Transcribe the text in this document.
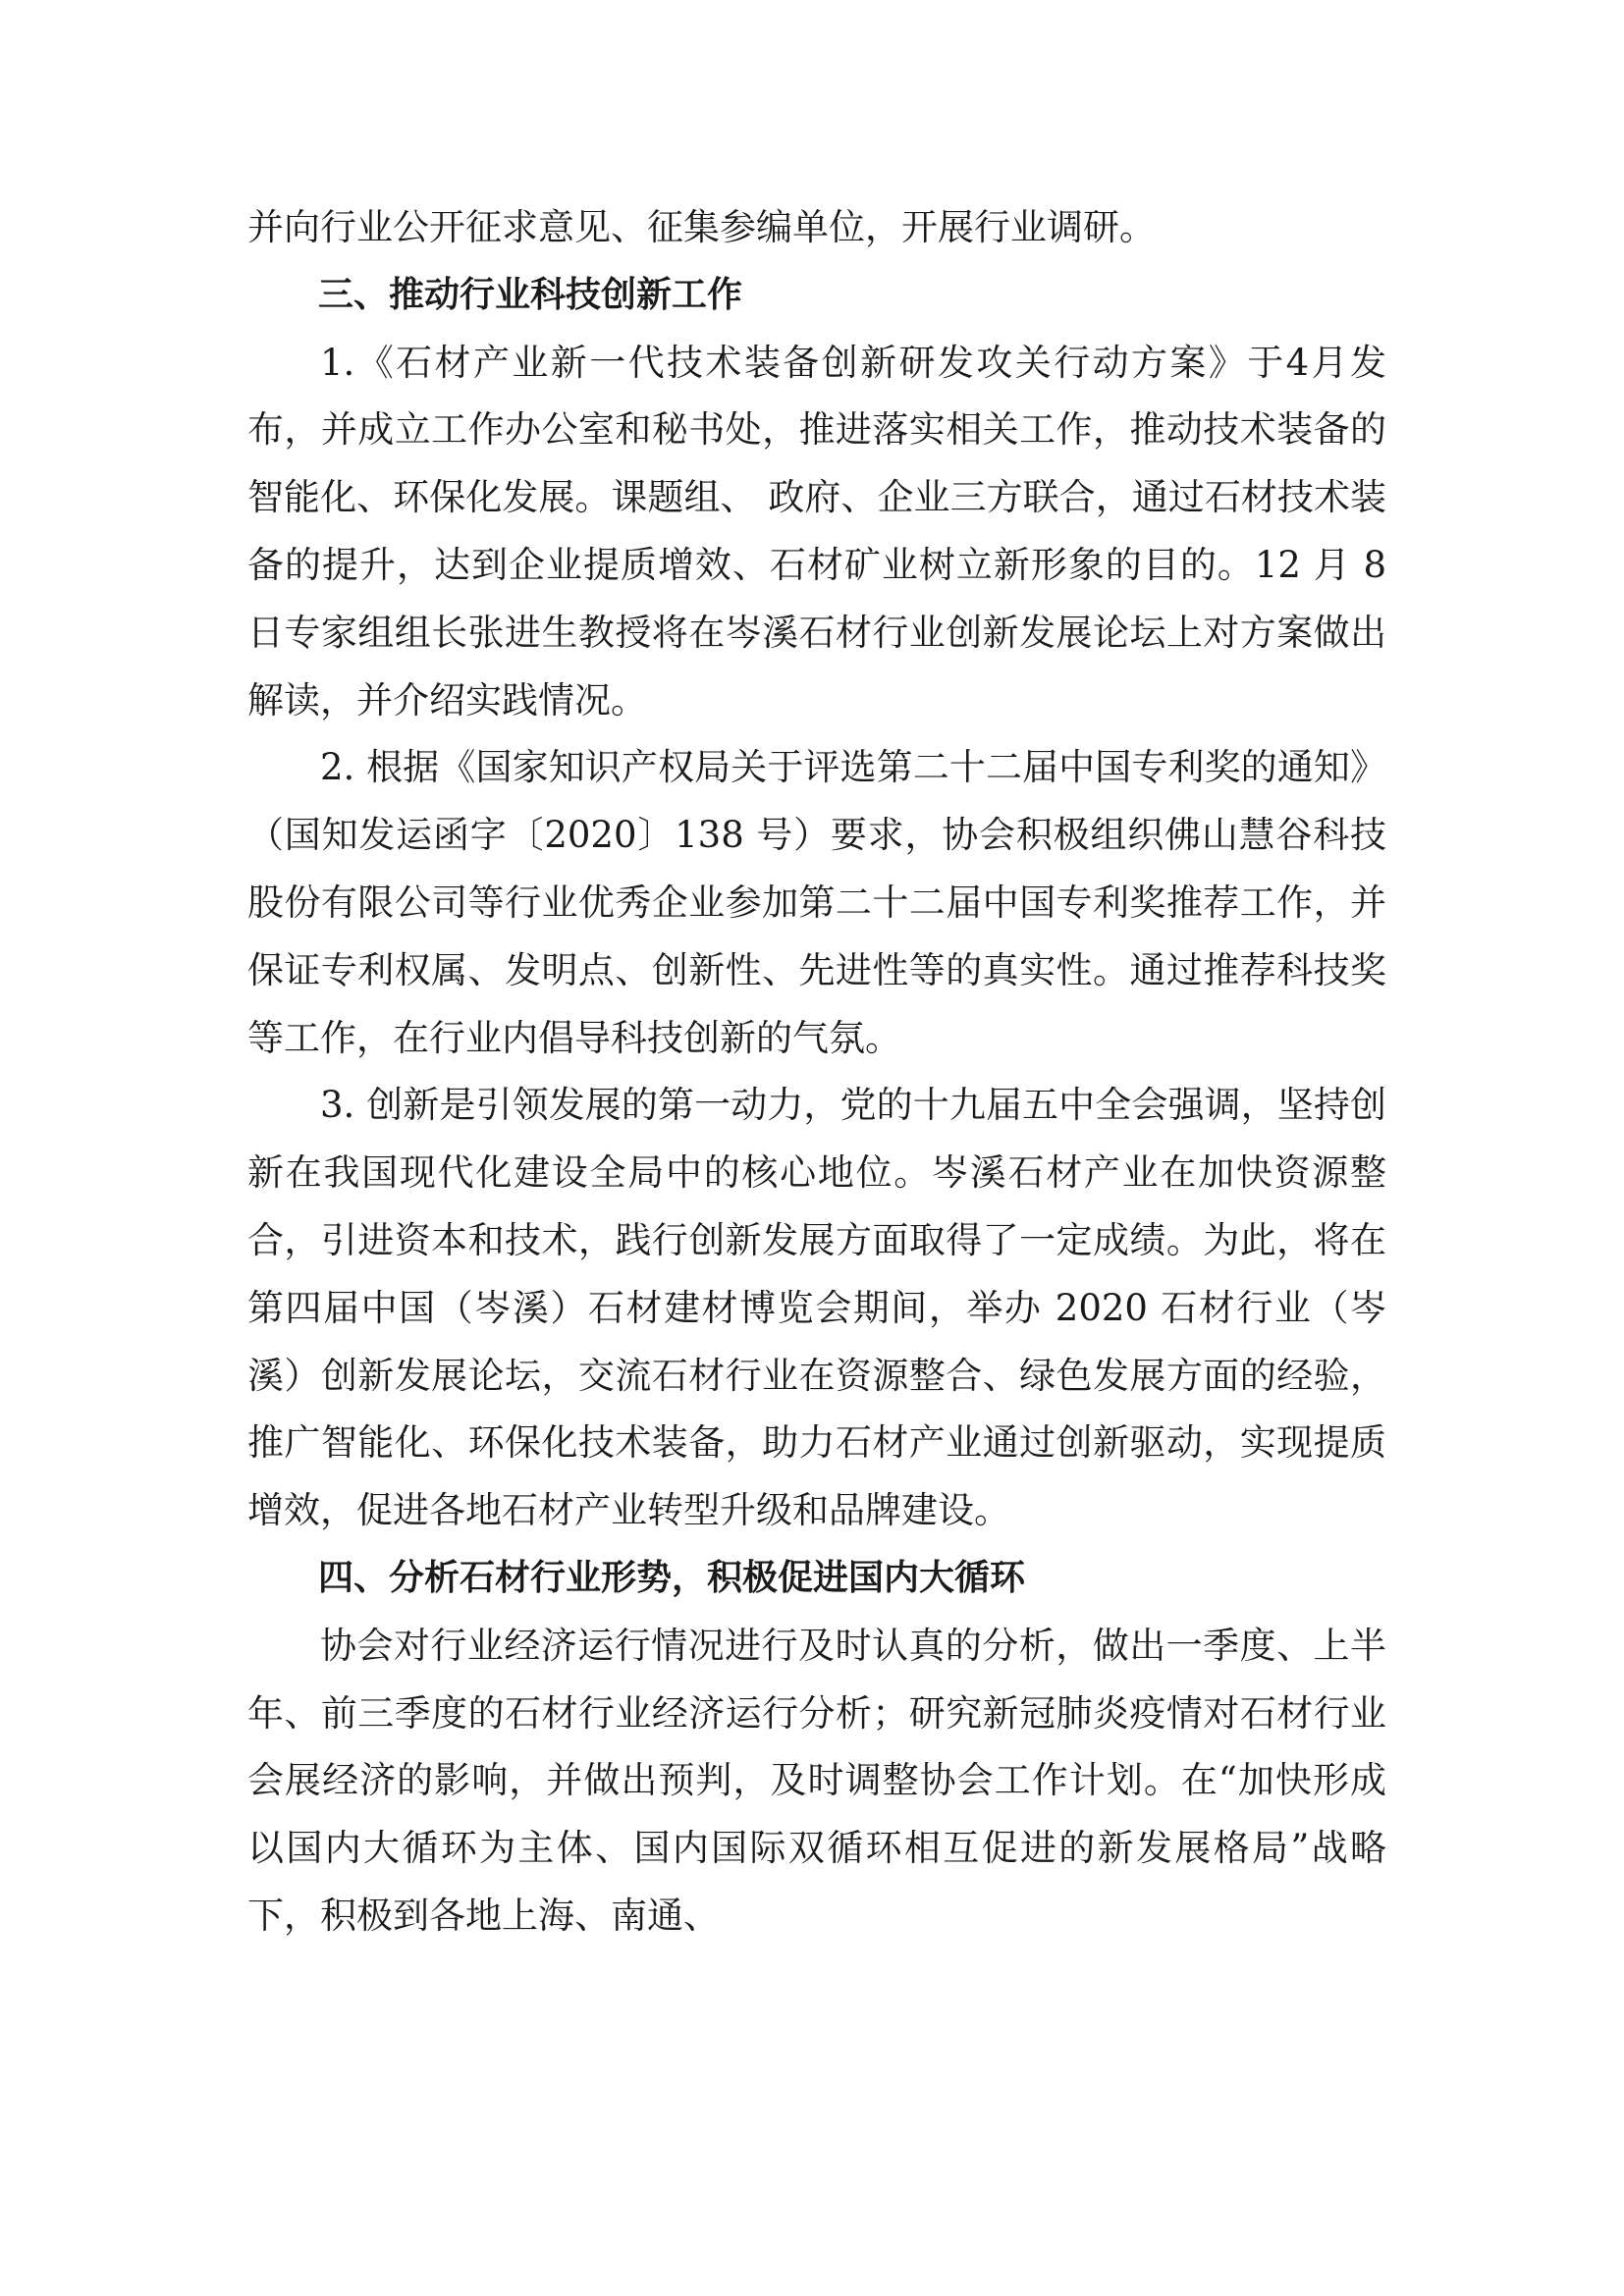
并向行业公开征求意见、征集参编单位，开展行业调研。

三、推动行业科技创新工作

1.《石材产业新一代技术装备创新研发攻关行动方案》于4月发布，并成立工作办公室和秘书处，推进落实相关工作，推动技术装备的智能化、环保化发展。课题组、 政府、企业三方联合，通过石材技术装备的提升，达到企业提质增效、石材矿业树立新形象的目的。12 月 8 日专家组组长张进生教授将在岑溪石材行业创新发展论坛上对方案做出解读，并介绍实践情况。

2. 根据《国家知识产权局关于评选第二十二届中国专利奖的通知》（国知发运函字〔2020〕138 号）要求，协会积极组织佛山慧谷科技股份有限公司等行业优秀企业参加第二十二届中国专利奖推荐工作，并保证专利权属、发明点、创新性、先进性等的真实性。通过推荐科技奖等工作，在行业内倡导科技创新的气氛。

3. 创新是引领发展的第一动力，党的十九届五中全会强调，坚持创新在我国现代化建设全局中的核心地位。岑溪石材产业在加快资源整合，引进资本和技术，践行创新发展方面取得了一定成绩。为此，将在第四届中国（岑溪）石材建材博览会期间，举办 2020 石材行业（岑溪）创新发展论坛，交流石材行业在资源整合、绿色发展方面的经验，推广智能化、环保化技术装备，助力石材产业通过创新驱动，实现提质增效，促进各地石材产业转型升级和品牌建设。

四、分析石材行业形势，积极促进国内大循环

协会对行业经济运行情况进行及时认真的分析，做出一季度、上半年、前三季度的石材行业经济运行分析；研究新冠肺炎疫情对石材行业会展经济的影响，并做出预判，及时调整协会工作计划。在“加快形成以国内大循环为主体、国内国际双循环相互促进的新发展格局”战略下，积极到各地上海、南通、
